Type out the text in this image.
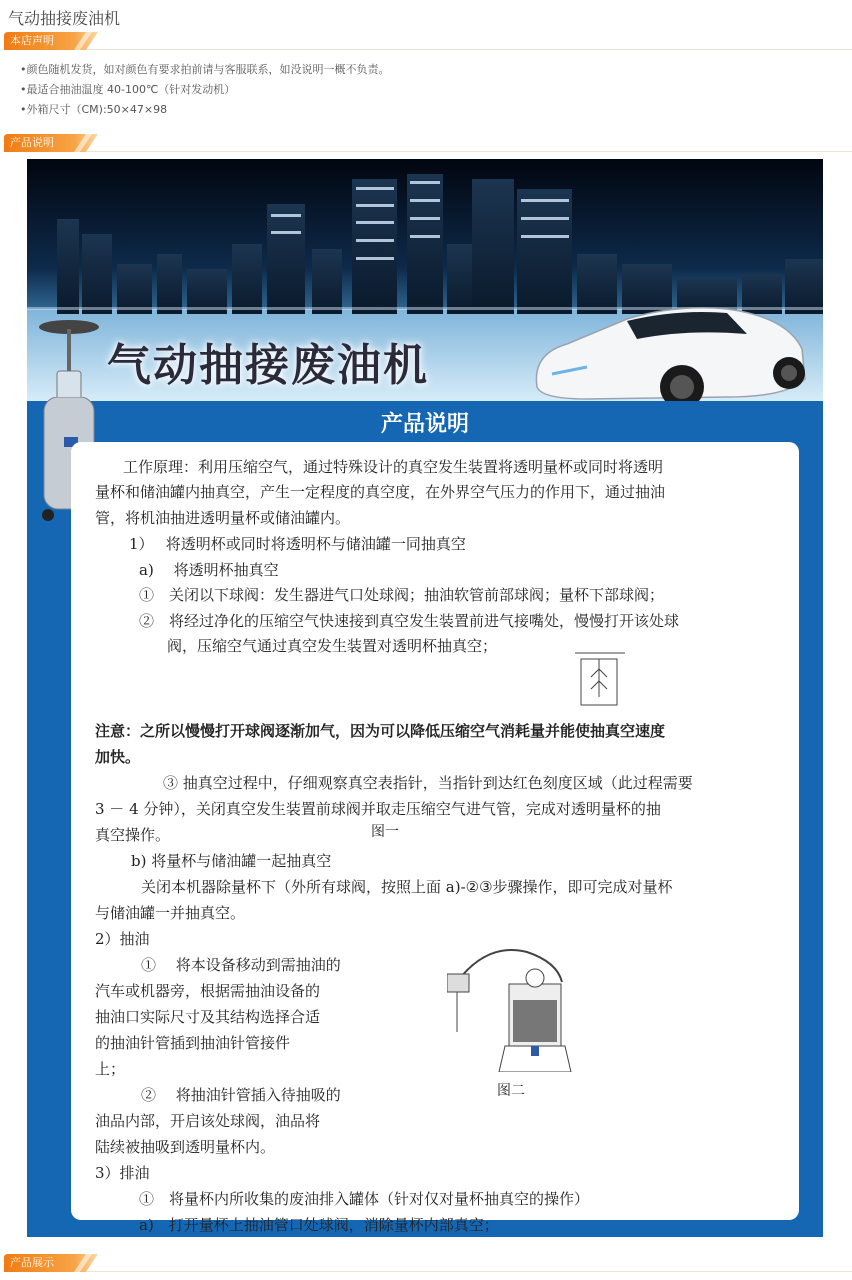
气动抽接废油机
本店声明
•颜色随机发货，如对颜色有要求拍前请与客服联系，如没说明一概不负责。
•最适合抽油温度 40-100℃（针对发动机）
•外箱尺寸（CM):50×47×98
产品说明
气动抽接废油机
产品说明
工作原理：利用压缩空气，通过特殊设计的真空发生装置将透明量杯或同时将透明
量杯和储油罐内抽真空，产生一定程度的真空度，在外界空气压力的作用下，通过抽油
管，将机油抽进透明量杯或储油罐内。
1）　 将透明杯或同时将透明杯与储油罐一同抽真空
a)　 将透明杯抽真空
①　关闭以下球阀：发生器进气口处球阀；抽油软管前部球阀；量杯下部球阀；
②　将经过净化的压缩空气快速接到真空发生装置前进气接嘴处，慢慢打开该处球
阀，压缩空气通过真空发生装置对透明杯抽真空；
注意：之所以慢慢打开球阀逐渐加气，因为可以降低压缩空气消耗量并能使抽真空速度
加快。
③ 抽真空过程中，仔细观察真空表指针，当指针到达红色刻度区域（此过程需要
3 － 4 分钟），关闭真空发生装置前球阀并取走压缩空气进气管，完成对透明量杯的抽
真空操作。	图一
b) 将量杯与储油罐一起抽真空
关闭本机器除量杯下（外所有球阀，按照上面 a)-②③步骤操作，即可完成对量杯
与储油罐一并抽真空。
2）抽油
①　 将本设备移动到需抽油的
汽车或机器旁，根据需抽油设备的
抽油口实际尺寸及其结构选择合适
的抽油针管插到抽油针管接件
上；
②　 将抽油针管插入待抽吸的
油品内部，开启该处球阀，油品将
陆续被抽吸到透明量杯内。
图二
3）排油
①　将量杯内所收集的废油排入罐体（针对仅对量杯抽真空的操作）
a)　打开量杯上抽油管口处球阀，消除量杯内部真空；
产品展示
